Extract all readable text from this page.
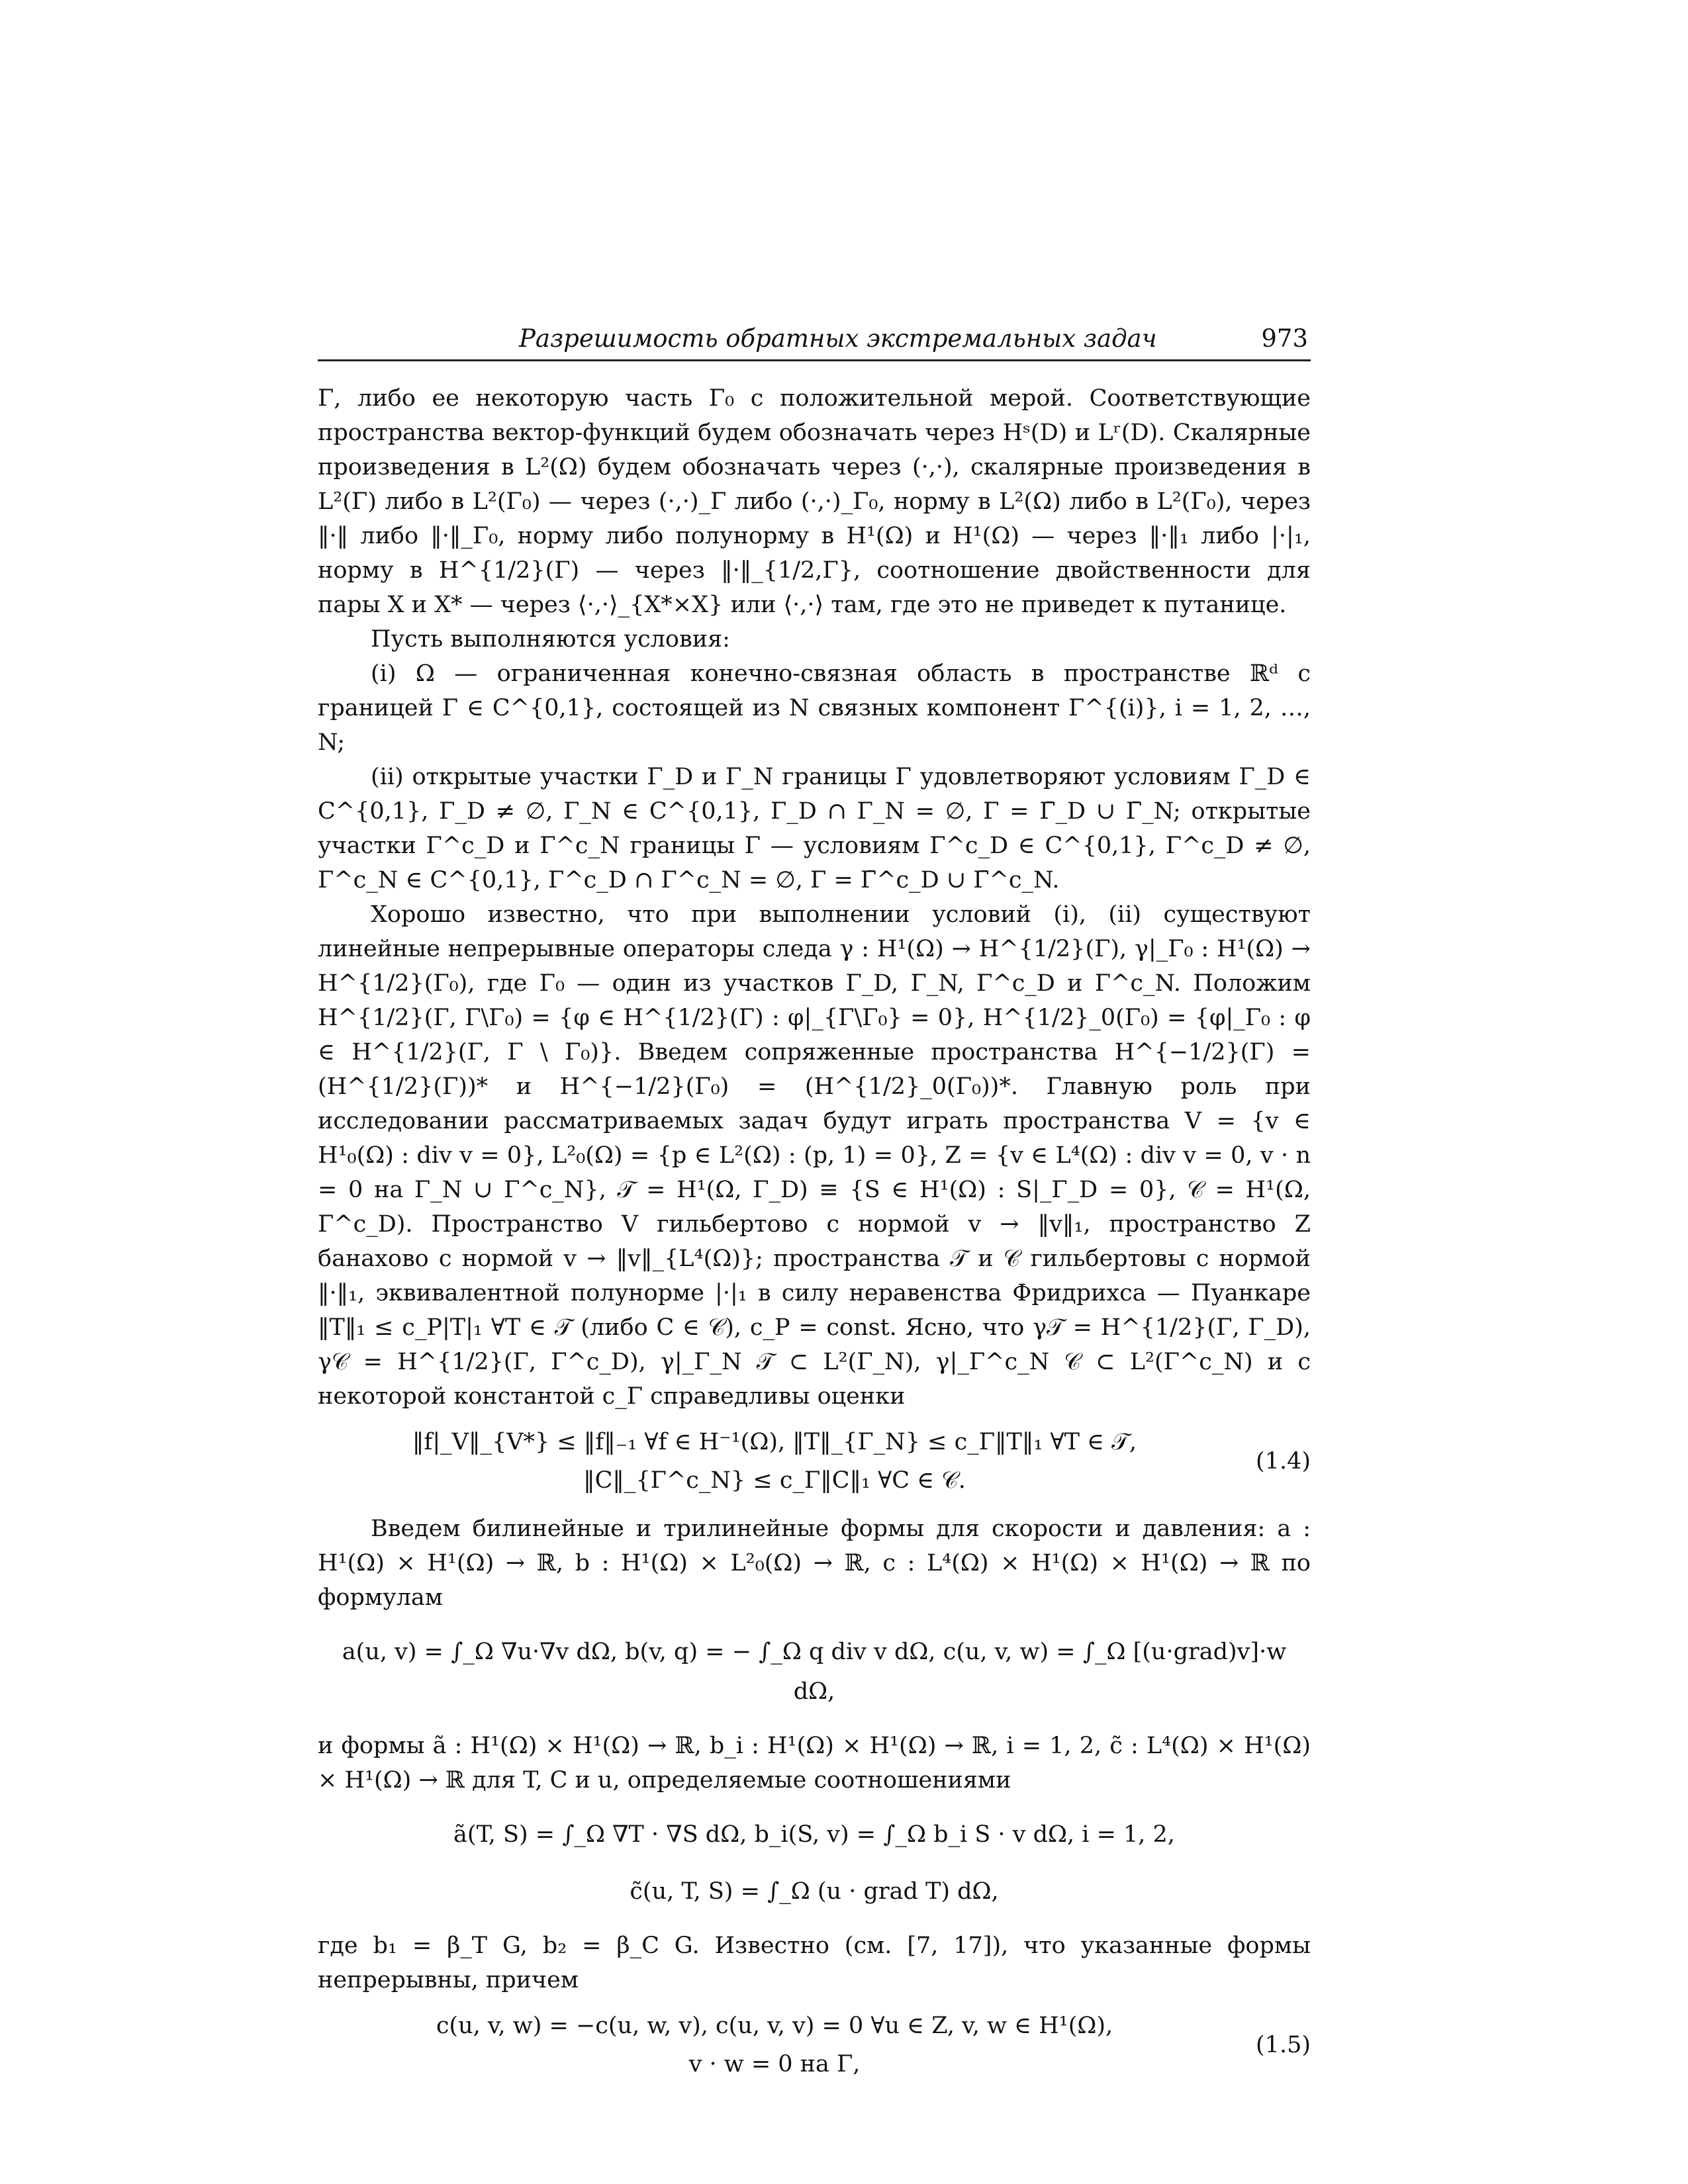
Разрешимость обратных экстремальных задач	973

Γ, либо ее некоторую часть Γ₀ с положительной мерой. Соответствующие пространства вектор-функций будем обозначать через Hˢ(D) и Lʳ(D). Скалярные произведения в L²(Ω) будем обозначать через (·,·), скалярные произведения в L²(Γ) либо в L²(Γ₀) — через (·,·)_Γ либо (·,·)_Γ₀, норму в L²(Ω) либо в L²(Γ₀), через ‖·‖ либо ‖·‖_Γ₀, норму либо полунорму в H¹(Ω) и H¹(Ω) — через ‖·‖₁ либо |·|₁, норму в H^{1/2}(Γ) — через ‖·‖_{1/2,Γ}, соотношение двойственности для пары X и X* — через ⟨·,·⟩_{X*×X} или ⟨·,·⟩ там, где это не приведет к путанице.

Пусть выполняются условия:

(i) Ω — ограниченная конечно-связная область в пространстве ℝᵈ с границей Γ ∈ C^{0,1}, состоящей из N связных компонент Γ^{(i)}, i = 1, 2, …, N;

(ii) открытые участки Γ_D и Γ_N границы Γ удовлетворяют условиям Γ_D ∈ C^{0,1}, Γ_D ≠ ∅, Γ_N ∈ C^{0,1}, Γ_D ∩ Γ_N = ∅, Γ = Γ̄_D ∪ Γ̄_N; открытые участки Γ^c_D и Γ^c_N границы Γ — условиям Γ^c_D ∈ C^{0,1}, Γ^c_D ≠ ∅, Γ^c_N ∈ C^{0,1}, Γ^c_D ∩ Γ^c_N = ∅, Γ = Γ̄^c_D ∪ Γ̄^c_N.

Хорошо известно, что при выполнении условий (i), (ii) существуют линейные непрерывные операторы следа γ : H¹(Ω) → H^{1/2}(Γ), γ|_Γ₀ : H¹(Ω) → H^{1/2}(Γ₀), где Γ₀ — один из участков Γ_D, Γ_N, Γ^c_D и Γ^c_N. Положим H^{1/2}(Γ, Γ\Γ₀) = {φ ∈ H^{1/2}(Γ) : φ|_{Γ\Γ₀} = 0}, H^{1/2}_0(Γ₀) = {φ|_Γ₀ : φ ∈ H^{1/2}(Γ, Γ \ Γ₀)}. Введем сопряженные пространства H^{−1/2}(Γ) = (H^{1/2}(Γ))* и H^{−1/2}(Γ₀) = (H^{1/2}_0(Γ₀))*. Главную роль при исследовании рассматриваемых задач будут играть пространства V = {v ∈ H¹₀(Ω) : div v = 0}, L²₀(Ω) = {p ∈ L²(Ω) : (p, 1) = 0}, Z = {v ∈ L⁴(Ω) : div v = 0, v · n = 0 на Γ_N ∪ Γ^c_N}, 𝒯 = H¹(Ω, Γ_D) ≡ {S ∈ H¹(Ω) : S|_Γ_D = 0}, 𝒞 = H¹(Ω, Γ^c_D). Пространство V гильбертово с нормой v → ‖v‖₁, пространство Z банахово с нормой v → ‖v‖_{L⁴(Ω)}; пространства 𝒯 и 𝒞 гильбертовы с нормой ‖·‖₁, эквивалентной полунорме |·|₁ в силу неравенства Фридрихса — Пуанкаре ‖T‖₁ ≤ c_P|T|₁ ∀T ∈ 𝒯 (либо C ∈ 𝒞), c_P = const. Ясно, что γ𝒯 = H^{1/2}(Γ, Γ_D), γ𝒞 = H^{1/2}(Γ, Γ^c_D), γ|_Γ_N 𝒯 ⊂ L²(Γ_N), γ|_Γ^c_N 𝒞 ⊂ L²(Γ^c_N) и с некоторой константой c_Γ справедливы оценки

‖f|_V‖_{V*} ≤ ‖f‖₋₁ ∀f ∈ H⁻¹(Ω), ‖T‖_{Γ_N} ≤ c_Γ‖T‖₁ ∀T ∈ 𝒯,
‖C‖_{Γ^c_N} ≤ c_Γ‖C‖₁ ∀C ∈ 𝒞.
(1.4)

Введем билинейные и трилинейные формы для скорости и давления: a : H¹(Ω) × H¹(Ω) → ℝ, b : H¹(Ω) × L²₀(Ω) → ℝ, c : L⁴(Ω) × H¹(Ω) × H¹(Ω) → ℝ по формулам

a(u, v) = ∫_Ω ∇u·∇v dΩ, b(v, q) = − ∫_Ω q div v dΩ, c(u, v, w) = ∫_Ω [(u·grad)v]·w dΩ,

и формы ã : H¹(Ω) × H¹(Ω) → ℝ, b_i : H¹(Ω) × H¹(Ω) → ℝ, i = 1, 2, c̃ : L⁴(Ω) × H¹(Ω) × H¹(Ω) → ℝ для T, C и u, определяемые соотношениями

ã(T, S) = ∫_Ω ∇T · ∇S dΩ, b_i(S, v) = ∫_Ω b_i S · v dΩ, i = 1, 2,
c̃(u, T, S) = ∫_Ω (u · grad T) dΩ,

где b₁ = β_T G, b₂ = β_C G. Известно (см. [7, 17]), что указанные формы непрерывны, причем

c(u, v, w) = −c(u, w, v), c(u, v, v) = 0 ∀u ∈ Z, v, w ∈ H¹(Ω),
v · w = 0 на Γ,
(1.5)
